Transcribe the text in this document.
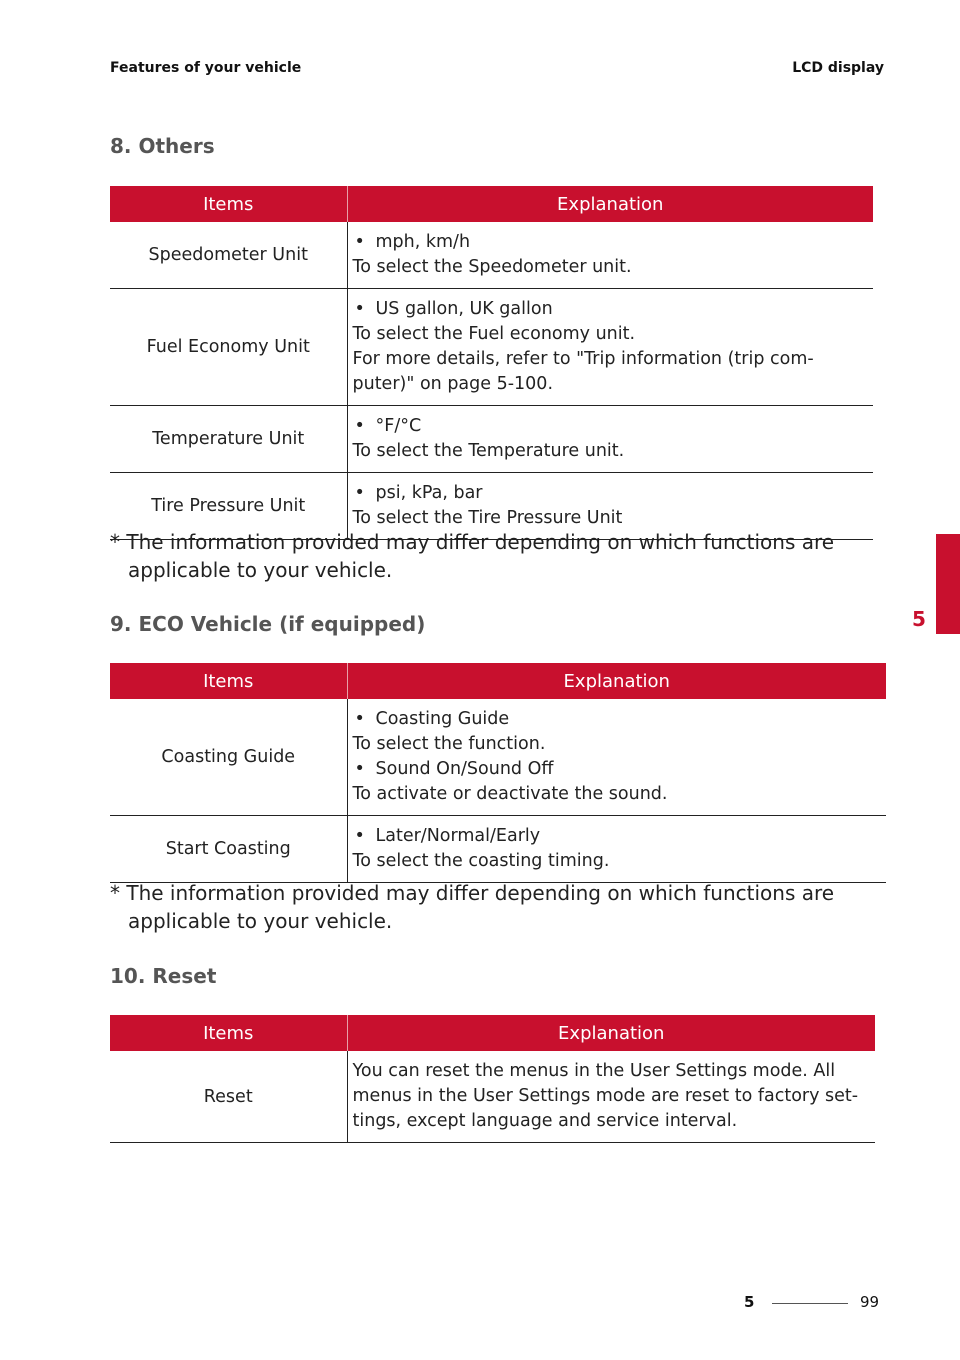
Features of your vehicle	LCD display
8. Others
Items	Explanation
Speedometer Unit	• mph, km/h
To select the Speedometer unit.

Fuel Economy Unit	• US gallon, UK gallon
To select the Fuel economy unit.
For more details, refer to "Trip information (trip com-
puter)" on page 5-100.

Temperature Unit	• °F/°C
To select the Temperature unit.

Tire Pressure Unit	• psi, kPa, bar
To select the Tire Pressure Unit
* The information provided may differ depending on which functions are applicable to your vehicle.
9. ECO Vehicle (if equipped)
Items	Explanation
Coasting Guide	• Coasting Guide
To select the function.
• Sound On/Sound Off
To activate or deactivate the sound.

Start Coasting	• Later/Normal/Early
To select the coasting timing.
* The information provided may differ depending on which functions are applicable to your vehicle.
10. Reset
Items	Explanation
Reset	You can reset the menus in the User Settings mode. All
menus in the User Settings mode are reset to factory set-
tings, except language and service interval.
5
5	99
